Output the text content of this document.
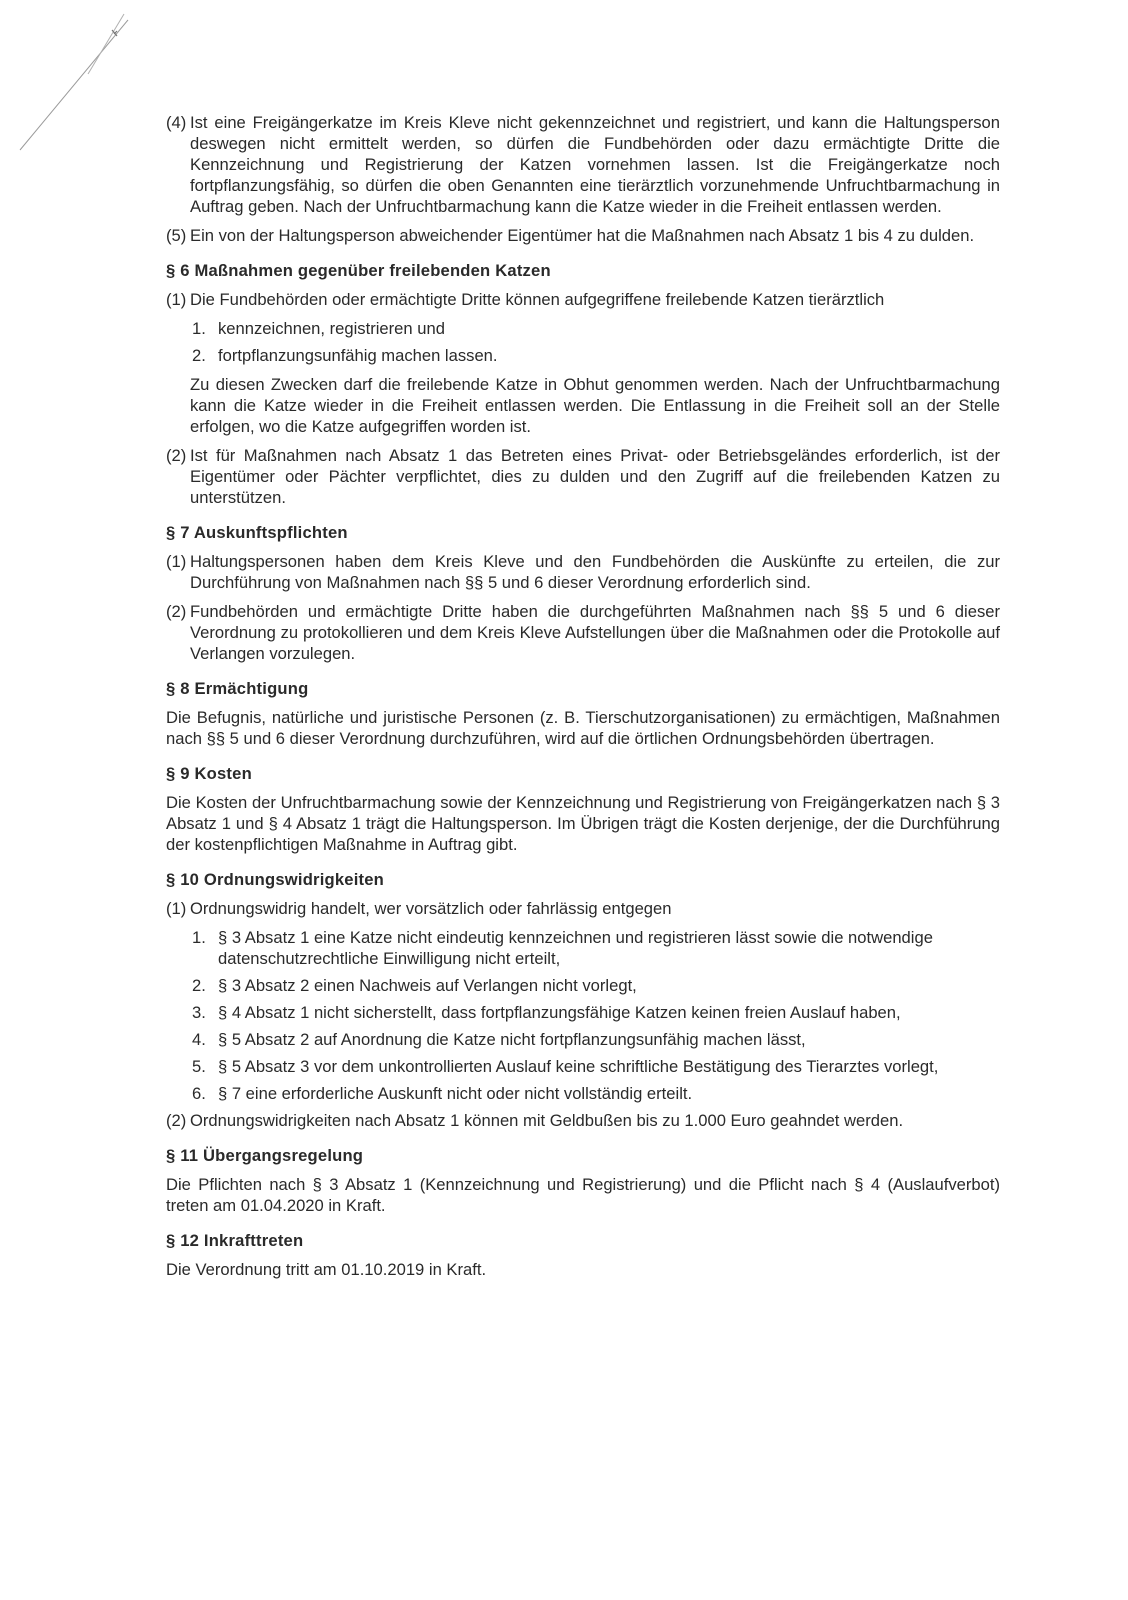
(4) Ist eine Freigängerkatze im Kreis Kleve nicht gekennzeichnet und registriert, und kann die Haltungsperson deswegen nicht ermittelt werden, so dürfen die Fundbehörden oder dazu ermächtigte Dritte die Kennzeichnung und Registrierung der Katzen vornehmen lassen. Ist die Freigängerkatze noch fortpflanzungsfähig, so dürfen die oben Genannten eine tierärztlich vorzunehmende Unfruchtbarmachung in Auftrag geben. Nach der Unfruchtbarmachung kann die Katze wieder in die Freiheit entlassen werden.
(5) Ein von der Haltungsperson abweichender Eigentümer hat die Maßnahmen nach Absatz 1 bis 4 zu dulden.
§ 6 Maßnahmen gegenüber freilebenden Katzen
(1) Die Fundbehörden oder ermächtigte Dritte können aufgegriffene freilebende Katzen tierärztlich
1. kennzeichnen, registrieren und
2. fortpflanzungsunfähig machen lassen.
Zu diesen Zwecken darf die freilebende Katze in Obhut genommen werden. Nach der Unfruchtbarmachung kann die Katze wieder in die Freiheit entlassen werden. Die Entlassung in die Freiheit soll an der Stelle erfolgen, wo die Katze aufgegriffen worden ist.
(2) Ist für Maßnahmen nach Absatz 1 das Betreten eines Privat- oder Betriebsgeländes erforderlich, ist der Eigentümer oder Pächter verpflichtet, dies zu dulden und den Zugriff auf die freilebenden Katzen zu unterstützen.
§ 7 Auskunftspflichten
(1) Haltungspersonen haben dem Kreis Kleve und den Fundbehörden die Auskünfte zu erteilen, die zur Durchführung von Maßnahmen nach §§ 5 und 6 dieser Verordnung erforderlich sind.
(2) Fundbehörden und ermächtigte Dritte haben die durchgeführten Maßnahmen nach §§ 5 und 6 dieser Verordnung zu protokollieren und dem Kreis Kleve Aufstellungen über die Maßnahmen oder die Protokolle auf Verlangen vorzulegen.
§ 8 Ermächtigung
Die Befugnis, natürliche und juristische Personen (z. B. Tierschutzorganisationen) zu ermächtigen, Maßnahmen nach §§ 5 und 6 dieser Verordnung durchzuführen, wird auf die örtlichen Ordnungsbehörden übertragen.
§ 9 Kosten
Die Kosten der Unfruchtbarmachung sowie der Kennzeichnung und Registrierung von Freigängerkatzen nach § 3 Absatz 1 und § 4 Absatz 1 trägt die Haltungsperson. Im Übrigen trägt die Kosten derjenige, der die Durchführung der kostenpflichtigen Maßnahme in Auftrag gibt.
§ 10 Ordnungswidrigkeiten
(1) Ordnungswidrig handelt, wer vorsätzlich oder fahrlässig entgegen
1. § 3 Absatz 1 eine Katze nicht eindeutig kennzeichnen und registrieren lässt sowie die notwendige datenschutzrechtliche Einwilligung nicht erteilt,
2. § 3 Absatz 2 einen Nachweis auf Verlangen nicht vorlegt,
3. § 4 Absatz 1 nicht sicherstellt, dass fortpflanzungsfähige Katzen keinen freien Auslauf haben,
4. § 5 Absatz 2 auf Anordnung die Katze nicht fortpflanzungsunfähig machen lässt,
5. § 5 Absatz 3 vor dem unkontrollierten Auslauf keine schriftliche Bestätigung des Tierarztes vorlegt,
6. § 7 eine erforderliche Auskunft nicht oder nicht vollständig erteilt.
(2) Ordnungswidrigkeiten nach Absatz 1 können mit Geldbußen bis zu 1.000 Euro geahndet werden.
§ 11 Übergangsregelung
Die Pflichten nach § 3 Absatz 1 (Kennzeichnung und Registrierung) und die Pflicht nach § 4 (Auslaufverbot) treten am 01.04.2020 in Kraft.
§ 12 Inkrafttreten
Die Verordnung tritt am 01.10.2019 in Kraft.
